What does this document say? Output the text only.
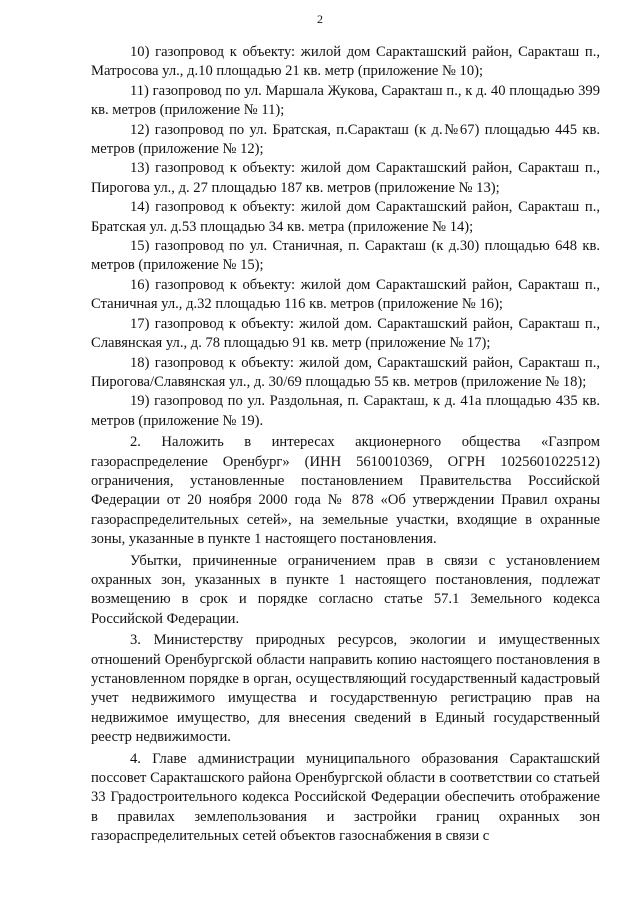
2

10) газопровод к объекту: жилой дом Саракташский район, Саракташ п., Матросова ул., д.10 площадью 21 кв. метр (приложение № 10);

11) газопровод по ул. Маршала Жукова, Саракташ п., к д. 40 площадью 399 кв. метров (приложение № 11);

12) газопровод по ул. Братская, п.Саракташ (к д.№67) площадью 445 кв. метров (приложение № 12);

13) газопровод к объекту: жилой дом Саракташский район, Саракташ п., Пирогова ул., д. 27 площадью 187 кв. метров (приложение № 13);

14) газопровод к объекту: жилой дом Саракташский район, Саракташ п., Братская ул. д.53 площадью 34 кв. метра (приложение № 14);

15) газопровод по ул. Станичная, п. Саракташ (к д.30) площадью 648 кв. метров (приложение № 15);

16) газопровод к объекту: жилой дом Саракташский район, Саракташ п., Станичная ул., д.32 площадью 116 кв. метров (приложение № 16);

17) газопровод к объекту: жилой дом. Саракташский район, Саракташ п., Славянская ул., д. 78 площадью 91 кв. метр (приложение № 17);

18) газопровод к объекту: жилой дом, Саракташский район, Саракташ п., Пирогова/Славянская ул., д. 30/69 площадью 55 кв. метров (приложение № 18);

19) газопровод по ул. Раздольная, п. Саракташ, к д. 41а площадью 435 кв. метров (приложение № 19).

2. Наложить в интересах акционерного общества «Газпром газораспределение Оренбург» (ИНН 5610010369, ОГРН 1025601022512) ограничения, установленные постановлением Правительства Российской Федерации от 20 ноября 2000 года № 878 «Об утверждении Правил охраны газораспределительных сетей», на земельные участки, входящие в охранные зоны, указанные в пункте 1 настоящего постановления.

Убытки, причиненные ограничением прав в связи с установлением охранных зон, указанных в пункте 1 настоящего постановления, подлежат возмещению в срок и порядке согласно статье 57.1 Земельного кодекса Российской Федерации.

3. Министерству природных ресурсов, экологии и имущественных отношений Оренбургской области направить копию настоящего постановления в установленном порядке в орган, осуществляющий государственный кадастровый учет недвижимого имущества и государственную регистрацию прав на недвижимое имущество, для внесения сведений в Единый государственный реестр недвижимости.

4. Главе администрации муниципального образования Саракташский поссовет Саракташского района Оренбургской области в соответствии со статьей 33 Градостроительного кодекса Российской Федерации обеспечить отображение в правилах землепользования и застройки границ охранных зон газораспределительных сетей объектов газоснабжения в связи с
